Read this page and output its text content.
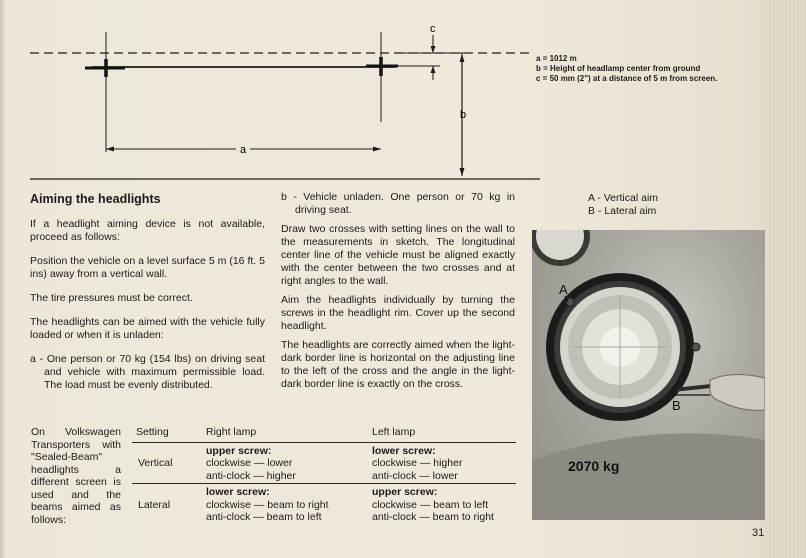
a
b
c
a = 1012 m
b = Height of headlamp center from ground
c = 50 mm (2") at a distance of 5 m from screen.
Aiming the headlights

If a headlight aiming device is not available, proceed as follows:

Position the vehicle on a level surface 5 m (16 ft. 5 ins) away from a vertical wall.

The tire pressures must be correct.

The headlights can be aimed with the vehicle fully loaded or when it is unladen:

a - One person or 70 kg (154 lbs) on driving seat and vehicle with maximum permissible load. The load must be evenly distributed.

b - Vehicle unladen. One person or 70 kg in driving seat.

Draw two crosses with setting lines on the wall to the measurements in sketch. The longitudinal center line of the vehicle must be aligned exactly with the center between the two crosses and at right angles to the wall.

Aim the headlights individually by turning the screws in the headlight rim. Cover up the second headlight.

The headlights are correctly aimed when the light-dark border line is horizontal on the adjusting line to the left of the cross and the angle in the light-dark border line is exactly on the cross.

A - Vertical aim
B - Lateral aim
On Volkswagen Transporters with "Sealed-Beam" headlights a different screen is used and the beams aimed as follows:
Setting	Right lamp	Left lamp
Vertical	upper screw:
clockwise — lower
anti-clock — higher	lower screw:
clockwise — higher
anti-clock — lower

Lateral	lower screw:
clockwise — beam to right
anti-clock — beam to left	upper screw:
clockwise — beam to left
anti-clock — beam to right
A
B
2070 kg
31
